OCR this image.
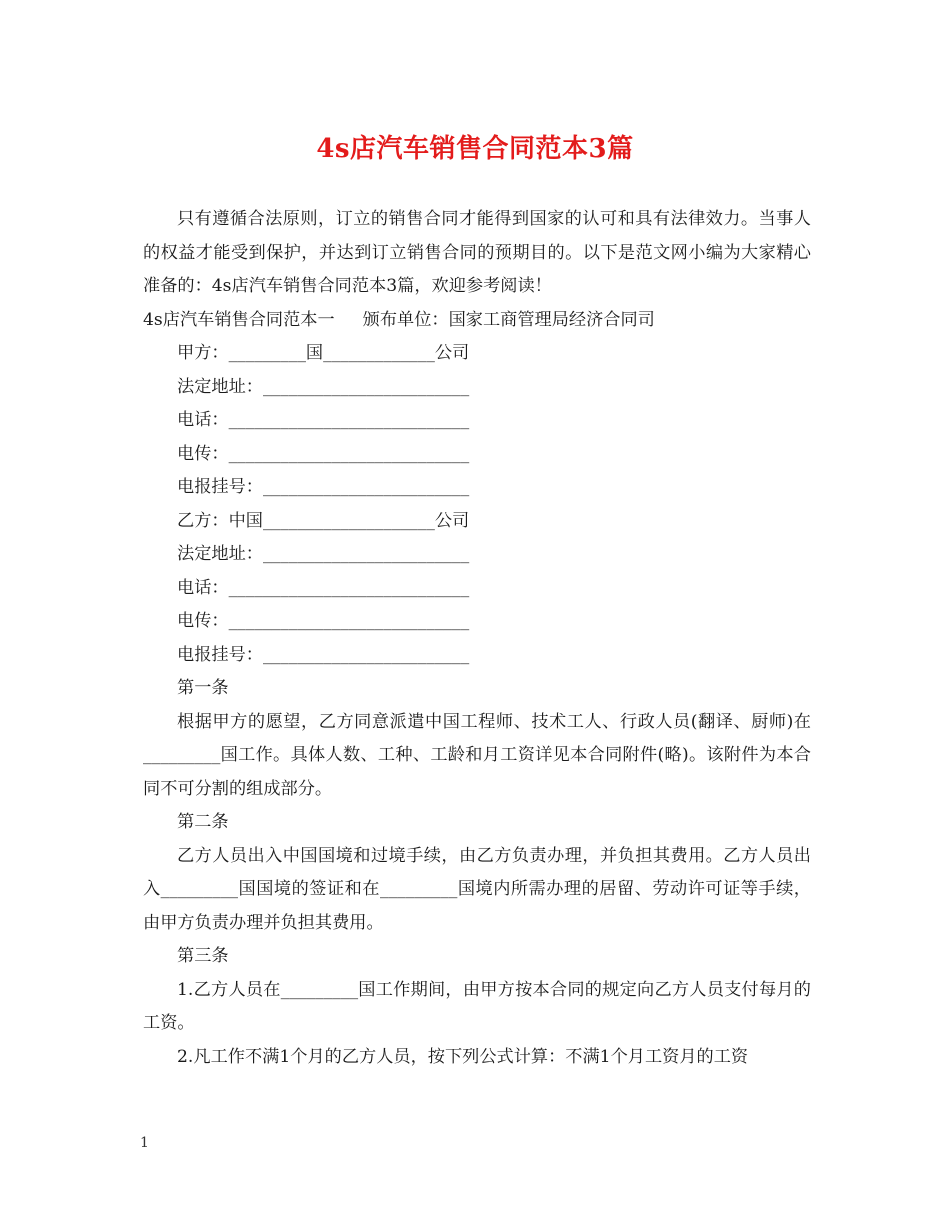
4s店汽车销售合同范本3篇

只有遵循合法原则，订立的销售合同才能得到国家的认可和具有法律效力。当事人的权益才能受到保护，并达到订立销售合同的预期目的。以下是范文网小编为大家精心准备的：4s店汽车销售合同范本3篇，欢迎参考阅读！

4s店汽车销售合同范本一 颁布单位：国家工商管理局经济合同司

甲方：_________国_____________公司

法定地址：________________________

电话：____________________________

电传：____________________________

电报挂号：________________________

乙方：中国____________________公司

法定地址：________________________

电话：____________________________

电传：____________________________

电报挂号：________________________

第一条

根据甲方的愿望，乙方同意派遣中国工程师、技术工人、行政人员(翻译、厨师)在_________国工作。具体人数、工种、工龄和月工资详见本合同附件(略)。该附件为本合同不可分割的组成部分。

第二条

乙方人员出入中国国境和过境手续，由乙方负责办理，并负担其费用。乙方人员出入_________国国境的签证和在_________国境内所需办理的居留、劳动许可证等手续，由甲方负责办理并负担其费用。

第三条

1.乙方人员在_________国工作期间，由甲方按本合同的规定向乙方人员支付每月的工资。

2.凡工作不满1个月的乙方人员，按下列公式计算：不满1个月工资月的工资

1
